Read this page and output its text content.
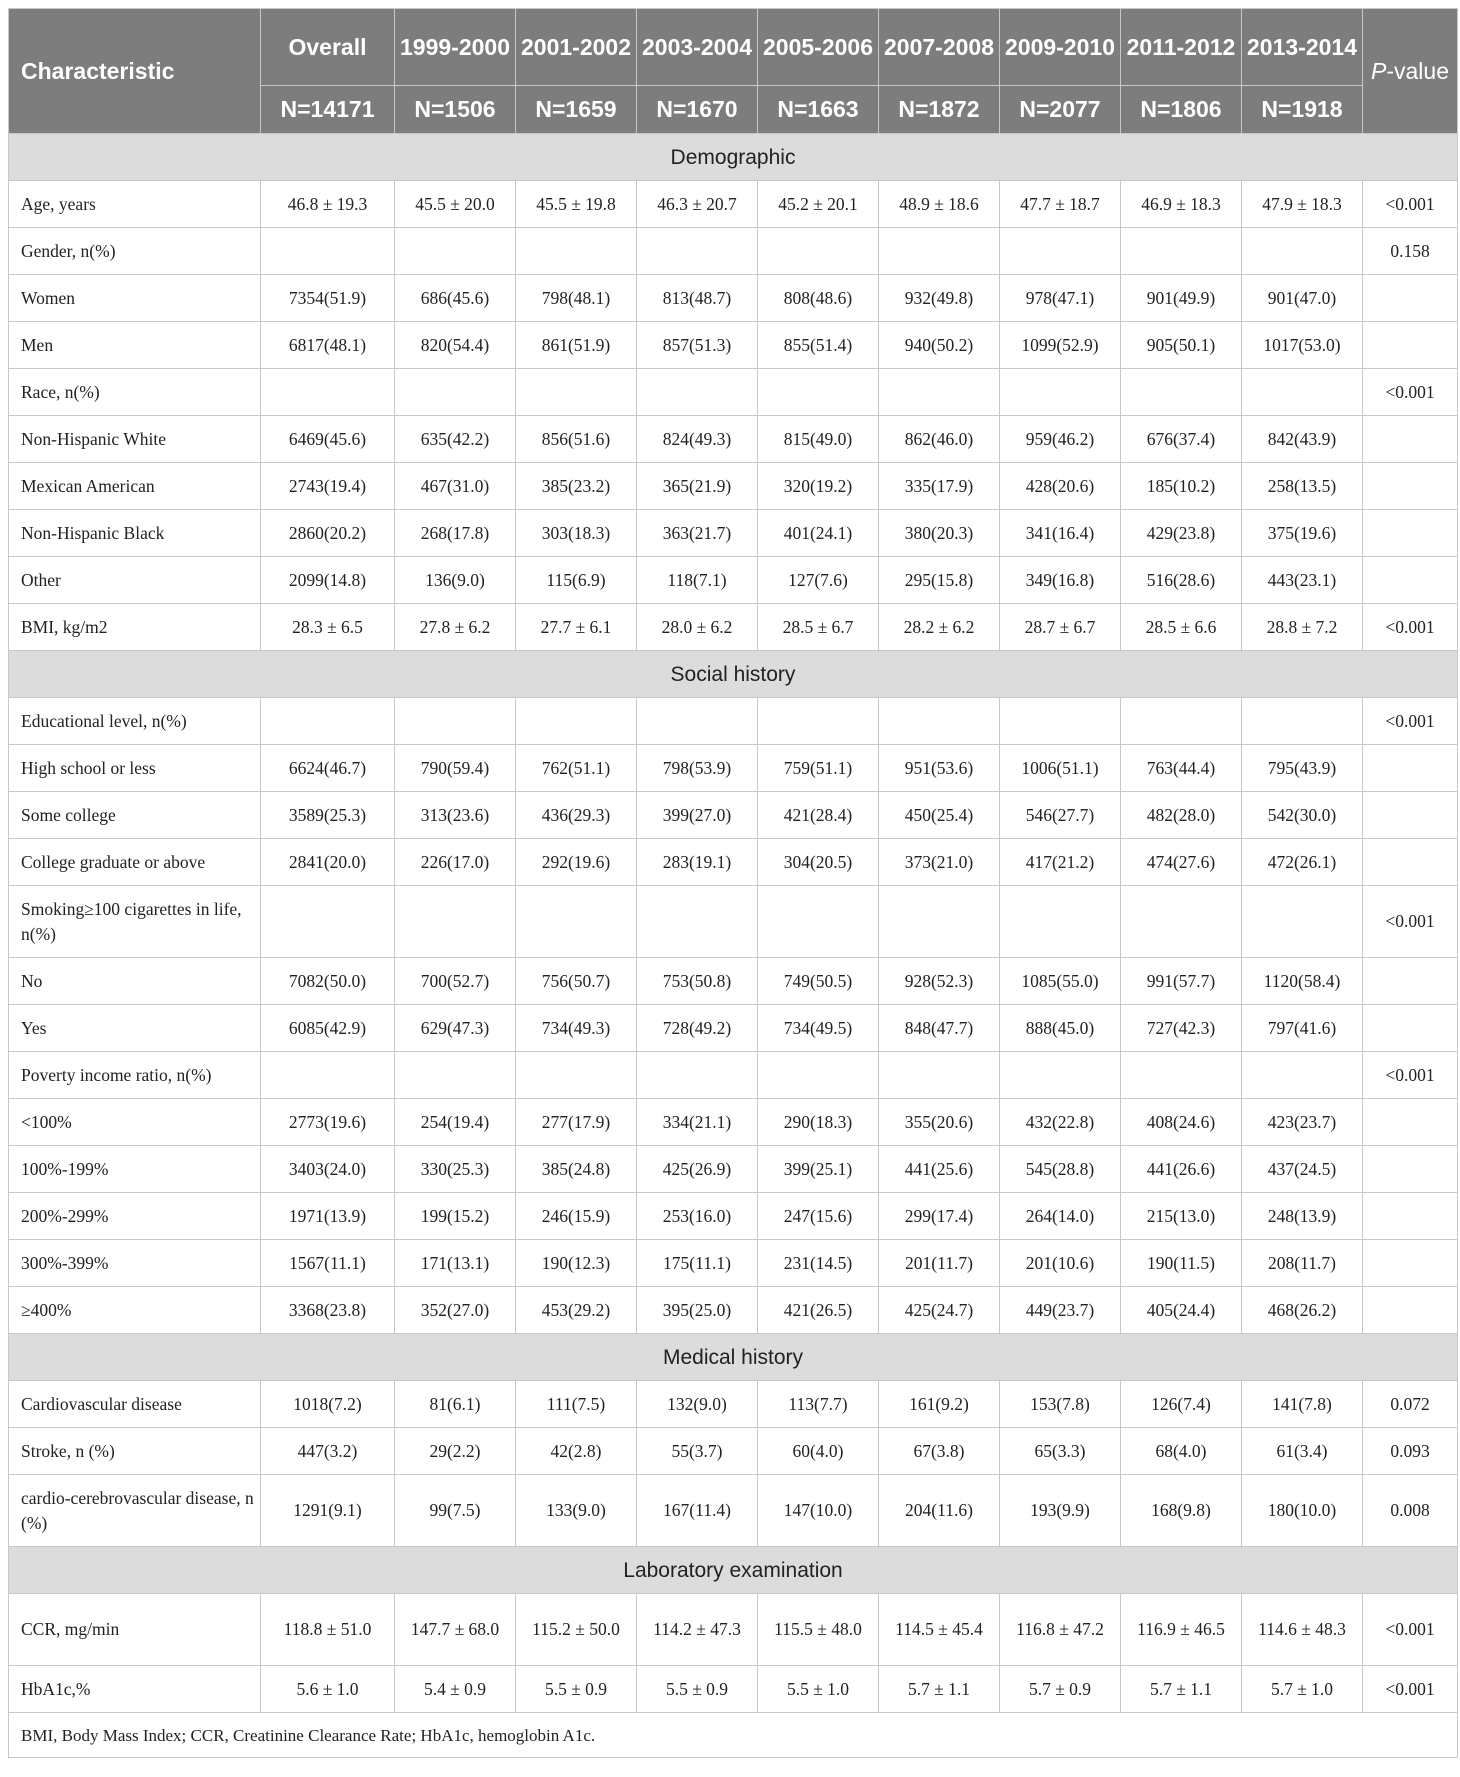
Characteristic	Overall	1999-2000	2001-2002	2003-2004	2005-2006	2007-2008	2009-2010	2011-2012	2013-2014	P-value
	N=14171	N=1506	N=1659	N=1670	N=1663	N=1872	N=2077	N=1806	N=1918	
Demographic										
Age, years	46.8 ± 19.3	45.5 ± 20.0	45.5 ± 19.8	46.3 ± 20.7	45.2 ± 20.1	48.9 ± 18.6	47.7 ± 18.7	46.9 ± 18.3	47.9 ± 18.3	<0.001
Gender, n(%)										0.158
Women	7354(51.9)	686(45.6)	798(48.1)	813(48.7)	808(48.6)	932(49.8)	978(47.1)	901(49.9)	901(47.0)	
Men	6817(48.1)	820(54.4)	861(51.9)	857(51.3)	855(51.4)	940(50.2)	1099(52.9)	905(50.1)	1017(53.0)	
Race, n(%)										<0.001
Non-Hispanic White	6469(45.6)	635(42.2)	856(51.6)	824(49.3)	815(49.0)	862(46.0)	959(46.2)	676(37.4)	842(43.9)	
Mexican American	2743(19.4)	467(31.0)	385(23.2)	365(21.9)	320(19.2)	335(17.9)	428(20.6)	185(10.2)	258(13.5)	
Non-Hispanic Black	2860(20.2)	268(17.8)	303(18.3)	363(21.7)	401(24.1)	380(20.3)	341(16.4)	429(23.8)	375(19.6)	
Other	2099(14.8)	136(9.0)	115(6.9)	118(7.1)	127(7.6)	295(15.8)	349(16.8)	516(28.6)	443(23.1)	
BMI, kg/m2	28.3 ± 6.5	27.8 ± 6.2	27.7 ± 6.1	28.0 ± 6.2	28.5 ± 6.7	28.2 ± 6.2	28.7 ± 6.7	28.5 ± 6.6	28.8 ± 7.2	<0.001
Social history										
Educational level, n(%)										<0.001
High school or less	6624(46.7)	790(59.4)	762(51.1)	798(53.9)	759(51.1)	951(53.6)	1006(51.1)	763(44.4)	795(43.9)	
Some college	3589(25.3)	313(23.6)	436(29.3)	399(27.0)	421(28.4)	450(25.4)	546(27.7)	482(28.0)	542(30.0)	
College graduate or above	2841(20.0)	226(17.0)	292(19.6)	283(19.1)	304(20.5)	373(21.0)	417(21.2)	474(27.6)	472(26.1)	
Smoking≥100 cigarettes in life, n(%)										<0.001
No	7082(50.0)	700(52.7)	756(50.7)	753(50.8)	749(50.5)	928(52.3)	1085(55.0)	991(57.7)	1120(58.4)	
Yes	6085(42.9)	629(47.3)	734(49.3)	728(49.2)	734(49.5)	848(47.7)	888(45.0)	727(42.3)	797(41.6)	
Poverty income ratio, n(%)										<0.001
<100%	2773(19.6)	254(19.4)	277(17.9)	334(21.1)	290(18.3)	355(20.6)	432(22.8)	408(24.6)	423(23.7)	
100%-199%	3403(24.0)	330(25.3)	385(24.8)	425(26.9)	399(25.1)	441(25.6)	545(28.8)	441(26.6)	437(24.5)	
200%-299%	1971(13.9)	199(15.2)	246(15.9)	253(16.0)	247(15.6)	299(17.4)	264(14.0)	215(13.0)	248(13.9)	
300%-399%	1567(11.1)	171(13.1)	190(12.3)	175(11.1)	231(14.5)	201(11.7)	201(10.6)	190(11.5)	208(11.7)	
≥400%	3368(23.8)	352(27.0)	453(29.2)	395(25.0)	421(26.5)	425(24.7)	449(23.7)	405(24.4)	468(26.2)	
Medical history										
Cardiovascular disease	1018(7.2)	81(6.1)	111(7.5)	132(9.0)	113(7.7)	161(9.2)	153(7.8)	126(7.4)	141(7.8)	0.072
Stroke, n (%)	447(3.2)	29(2.2)	42(2.8)	55(3.7)	60(4.0)	67(3.8)	65(3.3)	68(4.0)	61(3.4)	0.093
cardio-cerebrovascular disease, n (%)	1291(9.1)	99(7.5)	133(9.0)	167(11.4)	147(10.0)	204(11.6)	193(9.9)	168(9.8)	180(10.0)	0.008
Laboratory examination										
CCR, mg/min	118.8 ± 51.0	147.7 ± 68.0	115.2 ± 50.0	114.2 ± 47.3	115.5 ± 48.0	114.5 ± 45.4	116.8 ± 47.2	116.9 ± 46.5	114.6 ± 48.3	<0.001
HbA1c,%	5.6 ± 1.0	5.4 ± 0.9	5.5 ± 0.9	5.5 ± 0.9	5.5 ± 1.0	5.7 ± 1.1	5.7 ± 0.9	5.7 ± 1.1	5.7 ± 1.0	<0.001
BMI, Body Mass Index; CCR, Creatinine Clearance Rate; HbA1c, hemoglobin A1c.										
